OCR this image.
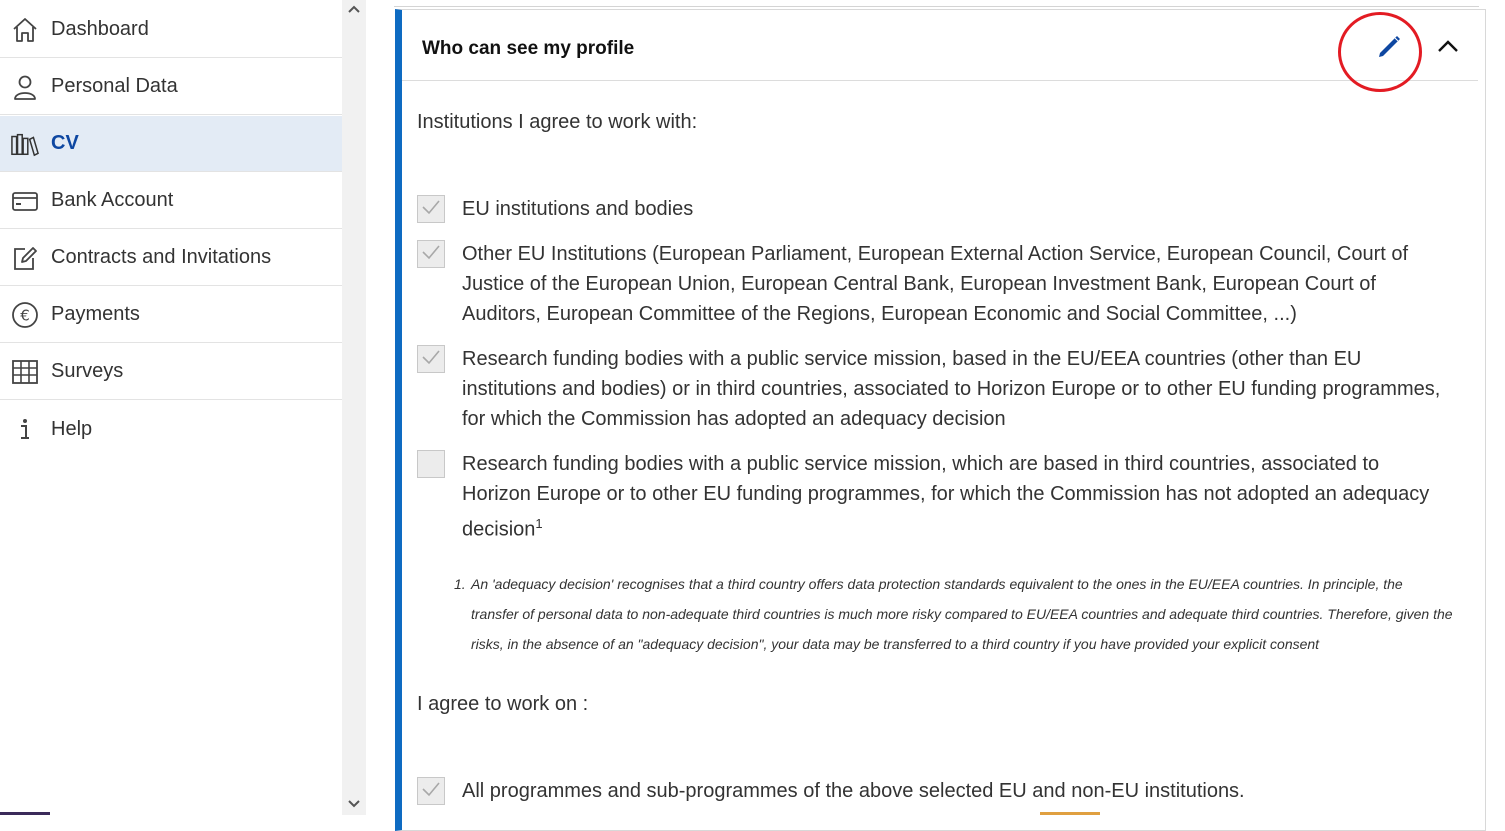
Dashboard
Personal Data
CV
Bank Account
Contracts and Invitations
€ Payments
Surveys
Help
Who can see my profile
Institutions I agree to work with:
EU institutions and bodies
Other EU Institutions (European Parliament, European External Action Service, European Council, Court of Justice of the European Union, European Central Bank, European Investment Bank, European Court of Auditors, European Committee of the Regions, European Economic and Social Committee, ...)
Research funding bodies with a public service mission, based in the EU/EEA countries (other than EU institutions and bodies) or in third countries, associated to Horizon Europe or to other EU funding programmes, for which the Commission has adopted an adequacy decision
Research funding bodies with a public service mission, which are based in third countries, associated to Horizon Europe or to other EU funding programmes, for which the Commission has not adopted an adequacy decision$^1$
1. An 'adequacy decision' recognises that a third country offers data protection standards equivalent to the ones in the EU/EEA countries. In principle, the transfer of personal data to non-adequate third countries is much more risky compared to EU/EEA countries and adequate third countries. Therefore, given the risks, in the absence of an "adequacy decision", your data may be transferred to a third country if you have provided your explicit consent
I agree to work on :
All programmes and sub-programmes of the above selected EU and non-EU institutions.
